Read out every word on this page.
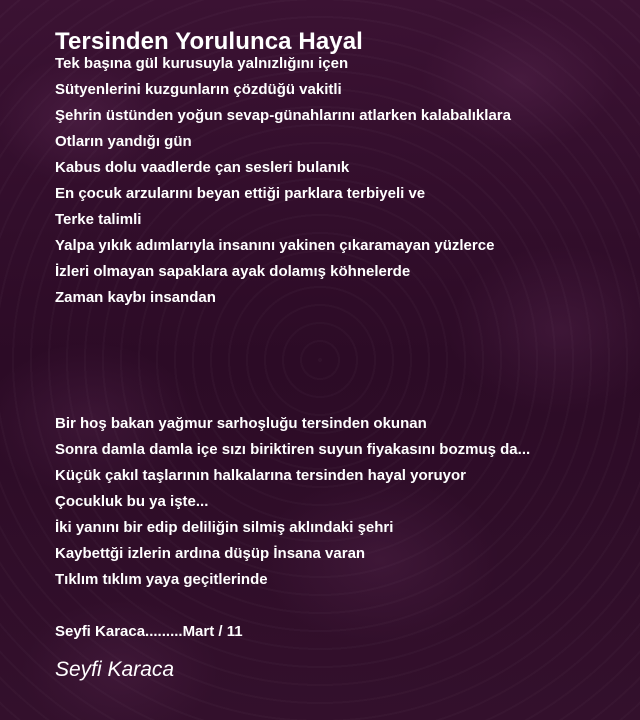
Tersinden Yorulunca Hayal
Tek başına gül kurusuyla yalnızlığını içen
Sütyenlerini kuzgunların çözdüğü vakitli
Şehrin üstünden yoğun sevap-günahlarını atlarken kalabalıklara
Otların yandığı gün
Kabus dolu vaadlerde çan sesleri bulanık
En çocuk arzularını beyan ettiği parklara terbiyeli ve
Terke talimli
Yalpa yıkık adımlarıyla insanını yakinen çıkaramayan yüzlerce
İzleri olmayan sapaklara ayak dolamış köhnelerde
Zaman kaybı insandan
Bir hoş bakan yağmur sarhoşluğu tersinden okunan
Sonra damla damla içe sızı biriktiren suyun fiyakasını bozmuş da...
Küçük çakıl taşlarının halkalarına tersinden hayal yoruyor
Çocukluk bu ya işte...
İki yanını bir edip deliliğin silmiş aklındaki şehri
Kaybettği izlerin ardına düşüp İnsana varan
Tıklım tıklım yaya geçitlerinde
Seyfi Karaca.........Mart / 11
Seyfi Karaca
